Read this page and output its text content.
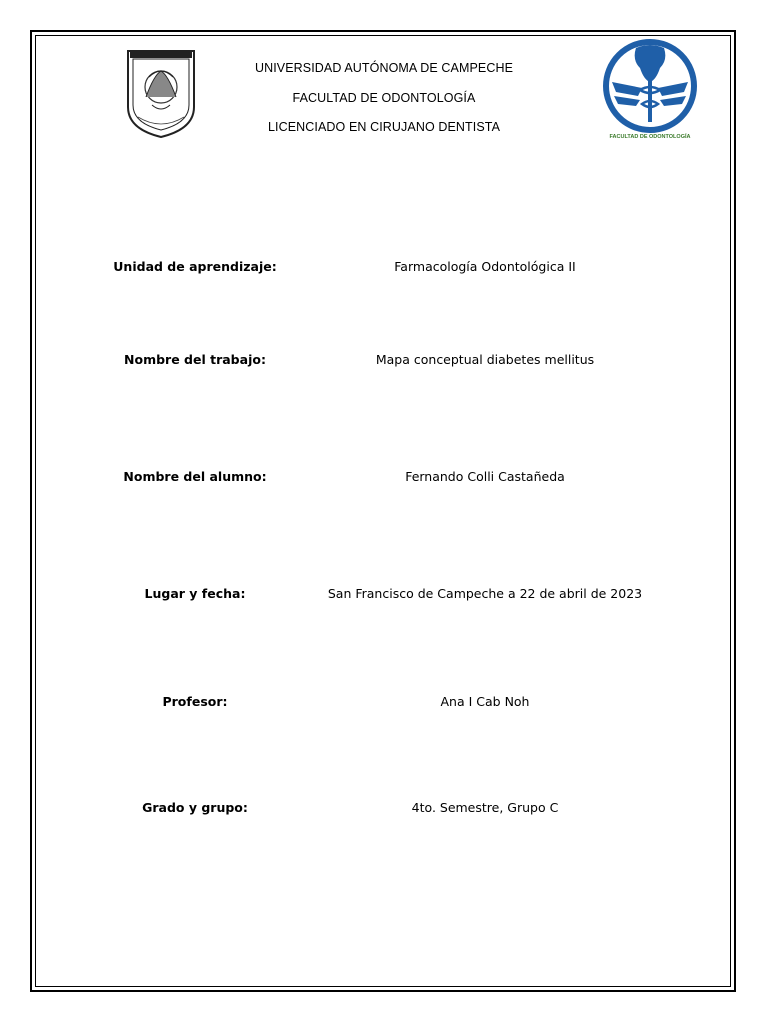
UNIVERSIDAD AUTÓNOMA DE CAMPECHE
FACULTAD DE ODONTOLOGÍA
LICENCIADO EN CIRUJANO DENTISTA
FACULTAD DE ODONTOLOGÍA
Unidad de aprendizaje:	Farmacología Odontológica II
Nombre del trabajo:	Mapa conceptual diabetes mellitus
Nombre del alumno:	Fernando Colli Castañeda
Lugar y fecha:	San Francisco de Campeche a 22 de abril de 2023
Profesor:	Ana I Cab Noh
Grado y grupo:	4to. Semestre, Grupo C
